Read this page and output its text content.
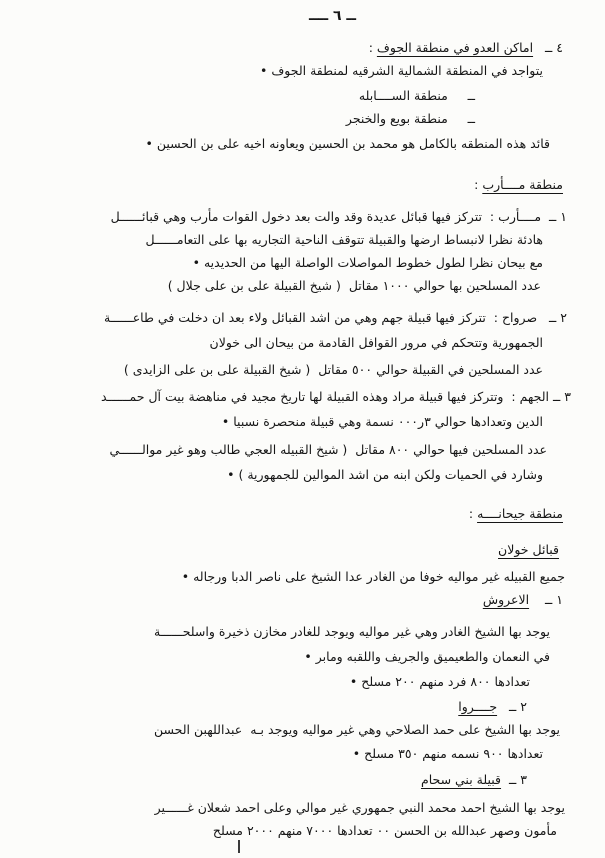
ــ ٦ ــــ
٤ ــ   اماكن العدو في منطقة الجوف :
يتواجد في المنطقة الشمالية الشرقيه لمنطقة الجوف •
ــ     منطقة الســــابله
ــ     منطقة بويع والخنجر
قائد هذه المنطقه بالكامل هو محمد بن الحسين ويعاونه اخيه على بن الحسين •
منطقة مــــأرب :
١ ــ  مــــأرب :  تتركز فيها قبائل عديدة وقد والت بعد دخول القوات مأرب وهي قبائــــــل
هادئة نظرا لانبساط ارضها والقبيلة تتوقف الناحية التجاريه بها على التعامــــــل
مع بيحان نظرا لطول خطوط المواصلات الواصلة اليها من الحديديه •
عدد المسلحين بها حوالي ١٠٠٠ مقاتل  ( شيخ القبيلة على بن على جلال )
٢ ــ   صرواح :  تتركز فيها قبيلة جهم وهي من اشد القبائل ولاء بعد ان دخلت في طاعــــــة
الجمهورية وتتحكم في مرور القوافل القادمة من بيحان الى خولان
عدد المسلحين في القبيلة حوالي ٥٠٠ مقاتل  ( شيخ القبيلة على بن على الزايدى )
٣ ــ الجهم :  وتتركز فيها قبيلة مراد وهذه القبيلة لها تاريخ مجيد في مناهضة بيت آل حمــــــد
الدين وتعدادها حوالي ٣ر٠٠٠ نسمة وهي قبيلة منحصرة نسبيا •
عدد المسلحين فيها حوالي ٨٠٠ مقاتل  ( شيخ القبيله العجي طالب وهو غير موالــــــي
وشارد في الحميات ولكن ابنه من اشد الموالين للجمهورية ) •
منطقة جيحانــــه :
قبائل خولان
جميع القبيله غير مواليه خوفا من الغادر عدا الشيخ على ناصر الدبا ورجاله •
١ ــ    الاعروش
يوجد بها الشيخ الغادر وهي غير مواليه ويوجد للغادر مخازن ذخيرة واسلحــــــة
في النعمان والطعيميق والجريف واللقبه ومابر •
تعدادها ٨٠٠ فرد منهم ٢٠٠ مسلح •
٢ ــ   جــــروا
يوجد بها الشيخ على حمد الصلاحي وهي غير مواليه ويوجد بـه  عبداللهبن الحسن
تعدادها ٩٠٠ نسمه منهم ٣٥٠ مسلح •
٣ ــ  قبيلة بني سحام
يوجد بها الشيخ احمد محمد النبي جمهوري غير موالي وعلى احمد شعلان غــــــير
مأمون وصهر عبدالله بن الحسن ٠٠ تعدادها ٧٠٠٠ منهم ٢٠٠٠ مسلح
